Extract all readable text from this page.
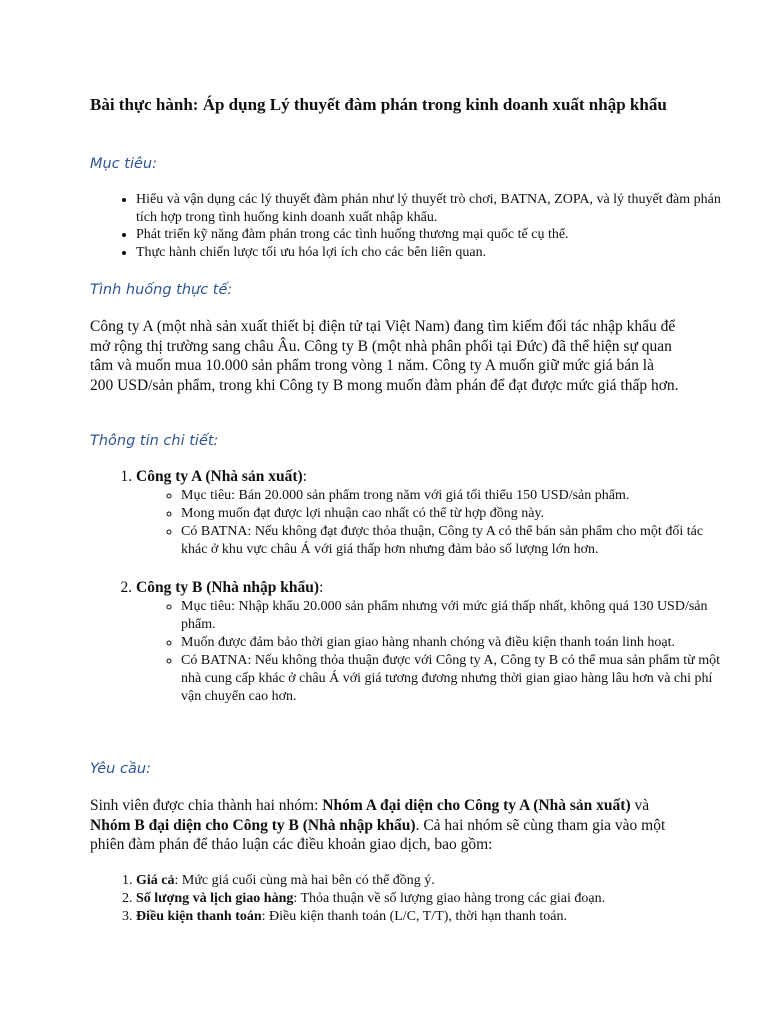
Bài thực hành: Áp dụng Lý thuyết đàm phán trong kinh doanh xuất nhập khẩu
Mục tiêu:
• Hiểu và vận dụng các lý thuyết đàm phán như lý thuyết trò chơi, BATNA, ZOPA, và lý thuyết đàm phán tích hợp trong tình huống kinh doanh xuất nhập khẩu.
• Phát triển kỹ năng đàm phán trong các tình huống thương mại quốc tế cụ thể.
• Thực hành chiến lược tối ưu hóa lợi ích cho các bên liên quan.
Tình huống thực tế:
Công ty A (một nhà sản xuất thiết bị điện tử tại Việt Nam) đang tìm kiếm đối tác nhập khẩu để mở rộng thị trường sang châu Âu. Công ty B (một nhà phân phối tại Đức) đã thể hiện sự quan tâm và muốn mua 10.000 sản phẩm trong vòng 1 năm. Công ty A muốn giữ mức giá bán là 200 USD/sản phẩm, trong khi Công ty B mong muốn đàm phán để đạt được mức giá thấp hơn.
Thông tin chi tiết:
1. Công ty A (Nhà sản xuất):
◦ Mục tiêu: Bán 20.000 sản phẩm trong năm với giá tối thiểu 150 USD/sản phẩm.
◦ Mong muốn đạt được lợi nhuận cao nhất có thể từ hợp đồng này.
◦ Có BATNA: Nếu không đạt được thỏa thuận, Công ty A có thể bán sản phẩm cho một đối tác khác ở khu vực châu Á với giá thấp hơn nhưng đảm bảo số lượng lớn hơn.
2. Công ty B (Nhà nhập khẩu):
◦ Mục tiêu: Nhập khẩu 20.000 sản phẩm nhưng với mức giá thấp nhất, không quá 130 USD/sản phẩm.
◦ Muốn được đảm bảo thời gian giao hàng nhanh chóng và điều kiện thanh toán linh hoạt.
◦ Có BATNA: Nếu không thỏa thuận được với Công ty A, Công ty B có thể mua sản phẩm từ một nhà cung cấp khác ở châu Á với giá tương đương nhưng thời gian giao hàng lâu hơn và chi phí vận chuyển cao hơn.
Yêu cầu:
Sinh viên được chia thành hai nhóm: Nhóm A đại diện cho Công ty A (Nhà sản xuất) và Nhóm B đại diện cho Công ty B (Nhà nhập khẩu). Cả hai nhóm sẽ cùng tham gia vào một phiên đàm phán để thảo luận các điều khoản giao dịch, bao gồm:
1. Giá cả: Mức giá cuối cùng mà hai bên có thể đồng ý.
2. Số lượng và lịch giao hàng: Thỏa thuận về số lượng giao hàng trong các giai đoạn.
3. Điều kiện thanh toán: Điều kiện thanh toán (L/C, T/T), thời hạn thanh toán.
